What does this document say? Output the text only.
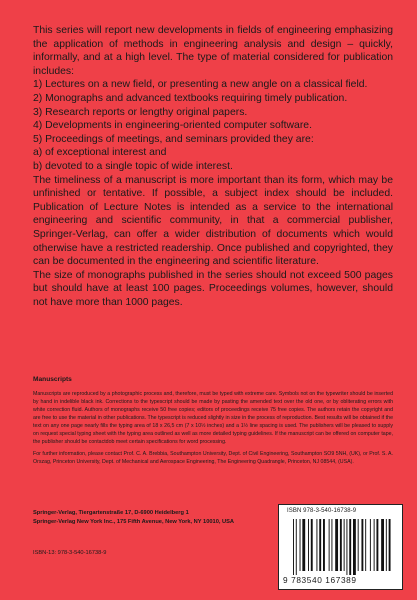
This series will report new developments in fields of engineering emphasizing the application of methods in engineering analysis and design – quickly, informally, and at a high level. The type of material considered for publication includes:

1) Lectures on a new field, or presenting a new angle on a classical field.

2) Monographs and advanced textbooks requiring timely publication.

3) Research reports or lengthy original papers.

4) Developments in engineering-oriented computer software.

5) Proceedings of meetings, and seminars provided they are:

a) of exceptional interest and

b) devoted to a single topic of wide interest.

The timeliness of a manuscript is more important than its form, which may be unfinished or tentative. If possible, a subject index should be included. Publication of Lecture Notes is intended as a service to the international engineering and scientific community, in that a commercial publisher, Springer-Verlag, can offer a wider distribution of documents which would otherwise have a restricted readership. Once published and copyrighted, they can be documented in the engineering and scientific literature.

The size of monographs published in the series should not exceed 500 pages but should have at least 100 pages. Proceedings volumes, however, should not have more than 1000 pages.

Manuscripts

Manuscripts are reproduced by a photographic process and, therefore, must be typed with extreme care. Symbols not on the typewriter should be inserted by hand in indelible black ink. Corrections to the typescript should be made by pasting the amended text over the old one, or by obliterating errors with white correction fluid. Authors of monographs receive 50 free copies; editors of proceedings receive 75 free copies. The authors retain the copyright and are free to use the material in other publications. The typescript is reduced slightly in size in the process of reproduction. Best results will be obtained if the text on any one page nearly fills the typing area of 18 x 26,5 cm (7 x 10½ inches) and a 1½ line spacing is used. The publishers will be pleased to supply on request special typing sheet with the typing area outlined as well as more detailed typing guidelines. If the manuscript can be offered on computer tape, the publisher should be contactdob meet certain specifications for word processing.

For further information, please contact Prof. C. A. Brebbia, Southampton University, Dept. of Civil Engineering, Southampton SO9 5NH, (UK), or Prof. S. A. Orszag, Princeton University, Dept. of Mechanical and Aerospace Engineering, The Engineering Quadrangle, Princeton, NJ 08544, (USA).

Springer-Verlag, Tiergartenstraße 17, D-6900 Heidelberg 1
Springer-Verlag New York Inc., 175 Fifth Avenue, New York, NY 10010, USA
ISBN-13: 978-3-540-16738-9
ISBN 978-3-540-16738-9
9 783540 167389
